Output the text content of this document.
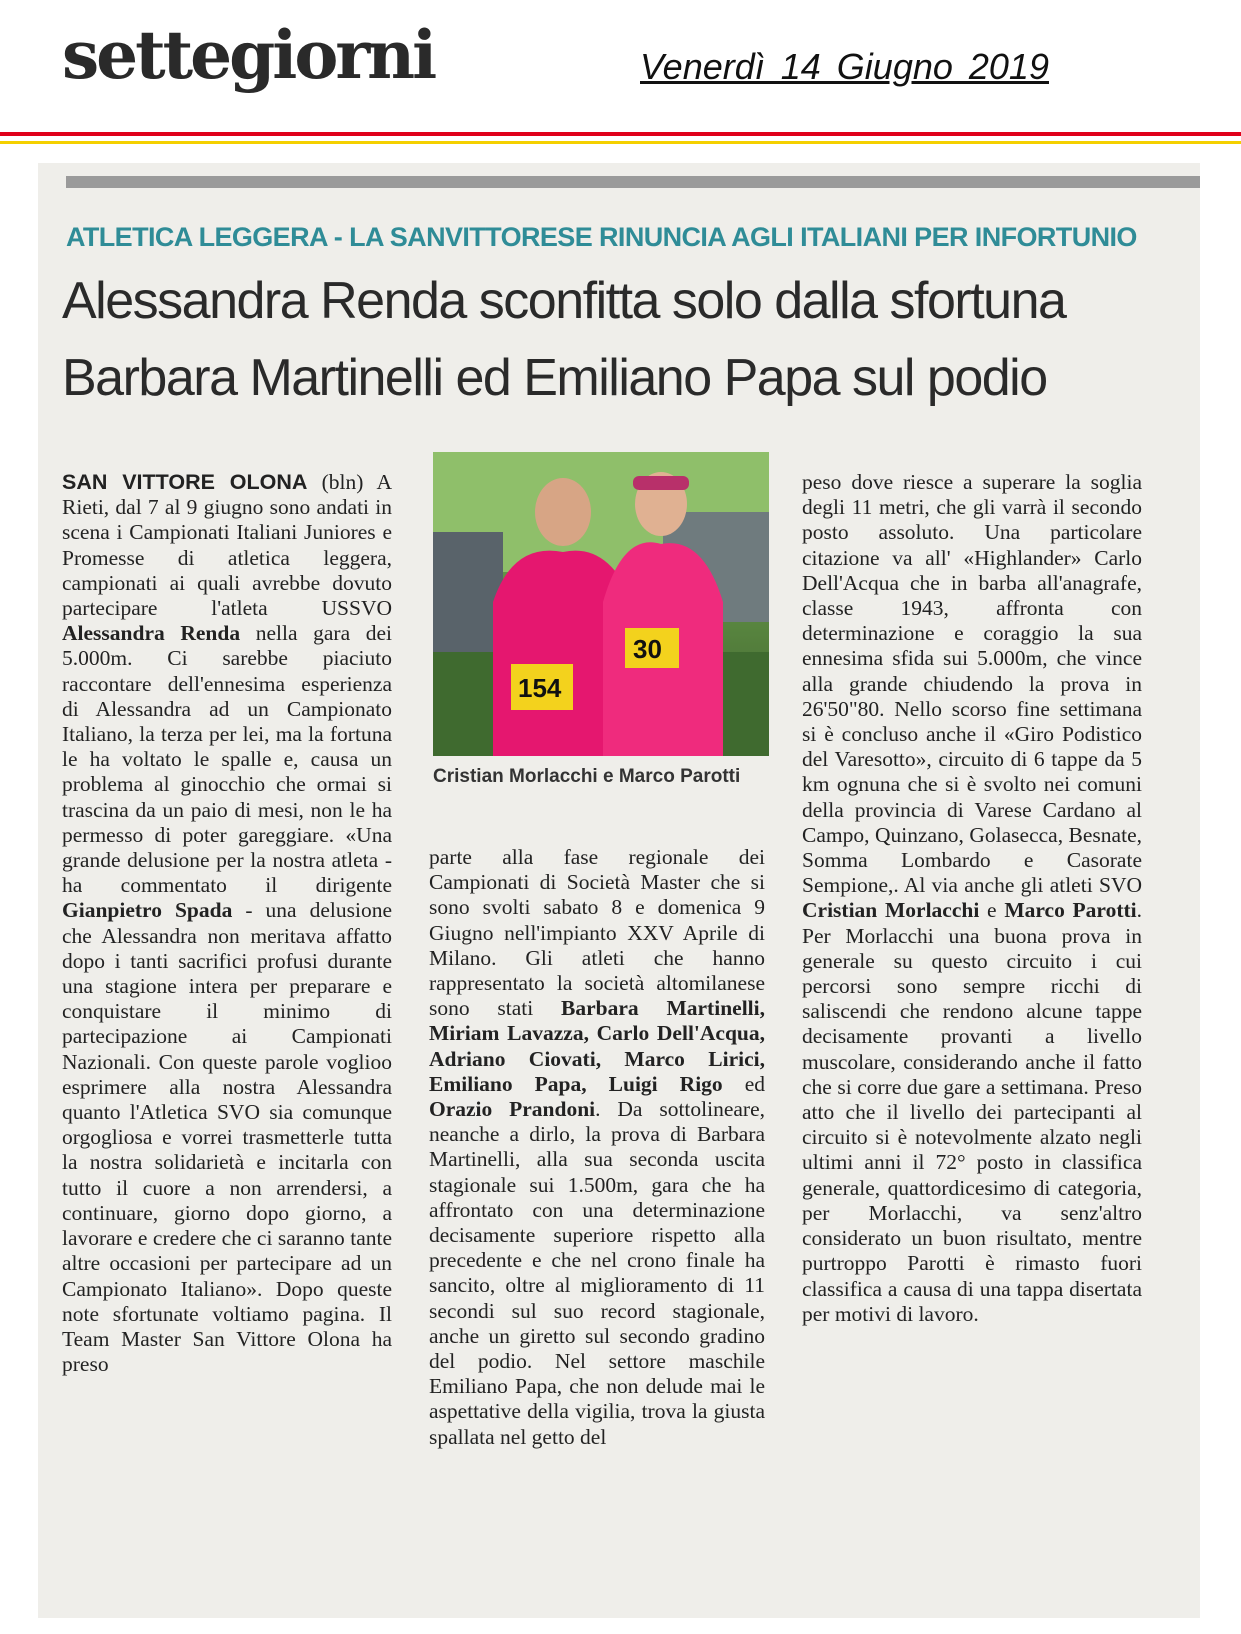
settegiorni	Venerdì 14 Giugno 2019
ATLETICA LEGGERA - LA SANVITTORESE RINUNCIA AGLI ITALIANI PER INFORTUNIO
Alessandra Renda sconfitta solo dalla sfortuna
Barbara Martinelli ed Emiliano Papa sul podio
SAN VITTORE OLONA (bln) A Rieti, dal 7 al 9 giugno sono andati in scena i Campionati Italiani Juniores e Promesse di atletica leggera, campionati ai quali avrebbe dovuto partecipare l'atleta USSVO Alessandra Renda nella gara dei 5.000m. Ci sarebbe piaciuto raccontare dell'ennesima esperienza di Alessandra ad un Campionato Italiano, la terza per lei, ma la fortuna le ha voltato le spalle e, causa un problema al ginocchio che ormai si trascina da un paio di mesi, non le ha permesso di poter gareggiare. «Una grande delusione per la nostra atleta - ha commentato il dirigente Gianpietro Spada - una delusione che Alessandra non meritava affatto dopo i tanti sacrifici profusi durante una stagione intera per preparare e conquistare il minimo di partecipazione ai Campionati Nazionali. Con queste parole voglioo esprimere alla nostra Alessandra quanto l'Atletica SVO sia comunque orgogliosa e vorrei trasmetterle tutta la nostra solidarietà e incitarla con tutto il cuore a non arrendersi, a continuare, giorno dopo giorno, a lavorare e credere che ci saranno tante altre occasioni per partecipare ad un Campionato Italiano». Dopo queste note sfortunate voltiamo pagina. Il Team Master San Vittore Olona ha preso
154
30
Cristian Morlacchi e Marco Parotti
parte alla fase regionale dei Campionati di Società Master che si sono svolti sabato 8 e domenica 9 Giugno nell'impianto XXV Aprile di Milano. Gli atleti che hanno rappresentato la società altomilanese sono stati Barbara Martinelli, Miriam Lavazza, Carlo Dell'Acqua, Adriano Ciovati, Marco Lirici, Emiliano Papa, Luigi Rigo ed Orazio Prandoni. Da sottolineare, neanche a dirlo, la prova di Barbara Martinelli, alla sua seconda uscita stagionale sui 1.500m, gara che ha affrontato con una determinazione decisamente superiore rispetto alla precedente e che nel crono finale ha sancito, oltre al miglioramento di 11 secondi sul suo record stagionale, anche un giretto sul secondo gradino del podio. Nel settore maschile Emiliano Papa, che non delude mai le aspettative della vigilia, trova la giusta spallata nel getto del
peso dove riesce a superare la soglia degli 11 metri, che gli varrà il secondo posto assoluto. Una particolare citazione va all' «Highlander» Carlo Dell'Acqua che in barba all'anagrafe, classe 1943, affronta con determinazione e coraggio la sua ennesima sfida sui 5.000m, che vince alla grande chiudendo la prova in 26'50"80. Nello scorso fine settimana si è concluso anche il «Giro Podistico del Varesotto», circuito di 6 tappe da 5 km ognuna che si è svolto nei comuni della provincia di Varese Cardano al Campo, Quinzano, Golasecca, Besnate, Somma Lombardo e Casorate Sempione,. Al via anche gli atleti SVO Cristian Morlacchi e Marco Parotti. Per Morlacchi una buona prova in generale su questo circuito i cui percorsi sono sempre ricchi di saliscendi che rendono alcune tappe decisamente provanti a livello muscolare, considerando anche il fatto che si corre due gare a settimana. Preso atto che il livello dei partecipanti al circuito si è notevolmente alzato negli ultimi anni il 72° posto in classifica generale, quattordicesimo di categoria, per Morlacchi, va senz'altro considerato un buon risultato, mentre purtroppo Parotti è rimasto fuori classifica a causa di una tappa disertata per motivi di lavoro.
